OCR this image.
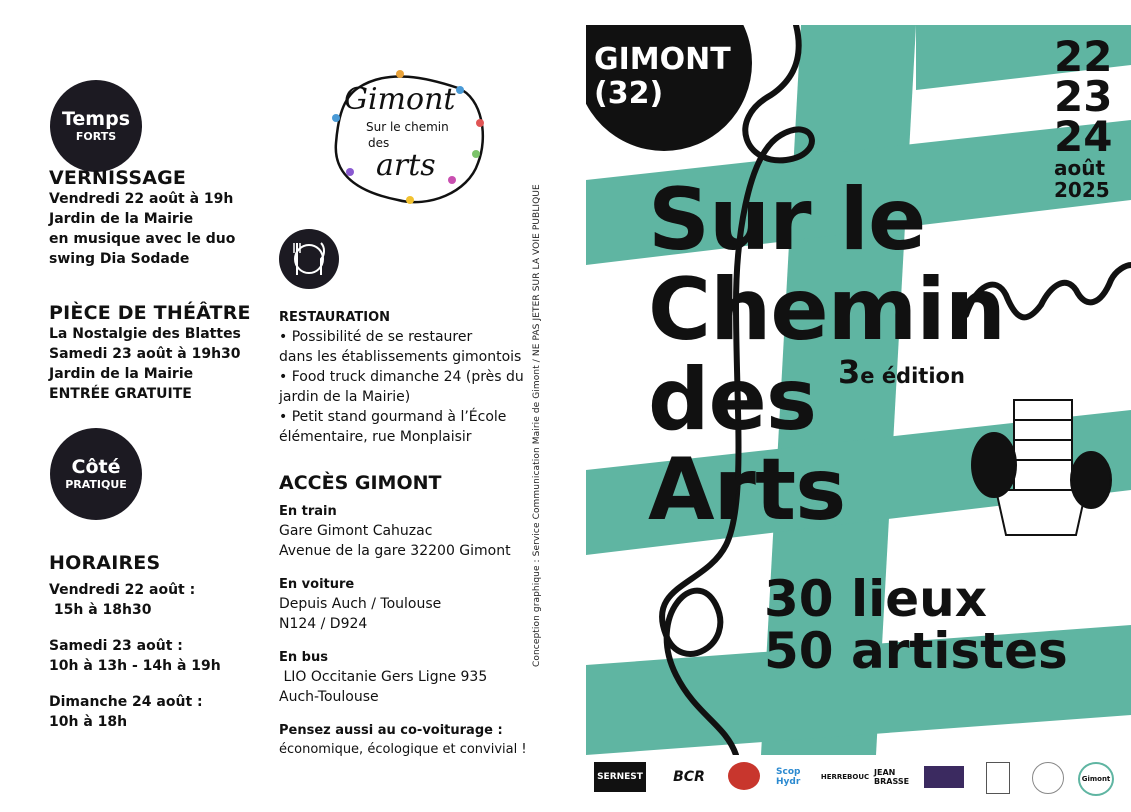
Temps
FORTS
VERNISSAGE
Vendredi 22 août à 19h
Jardin de la Mairie
en musique avec le duo
swing Dia Sodade
PIÈCE DE THÉÂTRE
La Nostalgie des Blattes
Samedi 23 août à 19h30
Jardin de la Mairie
ENTRÉE GRATUITE
Côté
PRATIQUE
HORAIRES
Vendredi 22 août :
15h à 18h30
Samedi 23 août :
10h à 13h - 14h à 19h
Dimanche 24 août :
10h à 18h
Gimont
Sur le chemin
des
arts
RESTAURATION
• Possibilité de se restaurer
dans les établissements gimontois
• Food truck dimanche 24 (près du
jardin de la Mairie)
• Petit stand gourmand à l’École
élémentaire, rue Monplaisir
ACCÈS GIMONT
En train
Gare Gimont Cahuzac
Avenue de la gare 32200 Gimont
En voiture
Depuis Auch / Toulouse
N124 / D924
En bus
LIO Occitanie Gers Ligne 935
Auch-Toulouse
Pensez aussi au co-voiturage :
économique, écologique et convivial !
Conception graphique : Service Communication Mairie de Gimont / NE PAS JETER SUR LA VOIE PUBLIQUE
GIMONT
(32)
22
23
24
août
2025
Sur le
Chemin
des
Arts
3e édition
30 lieux
50 artistes
SERNEST	BCR	Scop Hydr	HERREBOUC JEAN BRASSE	Gimont
